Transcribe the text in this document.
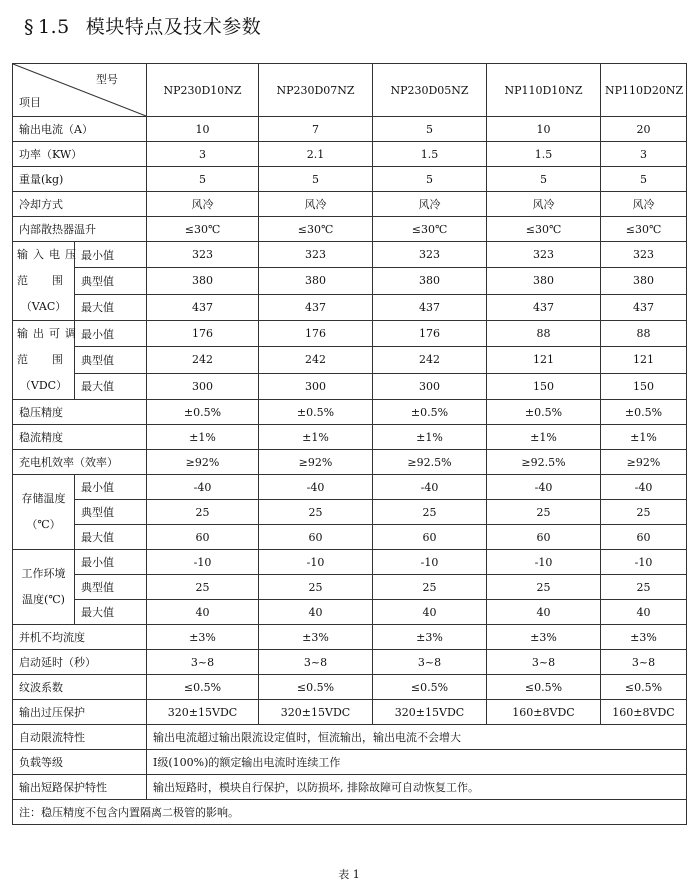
§ 1.5 模块特点及技术参数
型号
项目		NP230D10NZ	NP230D07NZ	NP230D05NZ	NP110D10NZ	NP110D20NZ
输出电流（A）		10	7	5	10	20
功率（KW）		3	2.1	1.5	1.5	3
重量(kg)		5	5	5	5	5
冷却方式		风冷	风冷	风冷	风冷	风冷
内部散热器温升		≤30℃	≤30℃	≤30℃	≤30℃	≤30℃

输入电压
范围
（VAC）	最小值	323	323	323	323	323
	典型值	380	380	380	380	380
	最大值	437	437	437	437	437

输出可调
范围
（VDC）	最小值	176	176	176	88	88
	典型值	242	242	242	121	121
	最大值	300	300	300	150	150
稳压精度		±0.5%	±0.5%	±0.5%	±0.5%	±0.5%
稳流精度		±1%	±1%	±1%	±1%	±1%
充电机效率（效率）		≥92%	≥92%	≥92.5%	≥92.5%	≥92%

存储温度
（℃）	最小值	-40	-40	-40	-40	-40
	典型值	25	25	25	25	25
	最大值	60	60	60	60	60

工作环境
温度(℃)	最小值	-10	-10	-10	-10	-10
	典型值	25	25	25	25	25
	最大值	40	40	40	40	40
并机不均流度		±3%	±3%	±3%	±3%	±3%
启动延时（秒）		3~8	3~8	3~8	3~8	3~8
纹波系数		≤0.5%	≤0.5%	≤0.5%	≤0.5%	≤0.5%
输出过压保护		320±15VDC	320±15VDC	320±15VDC	160±8VDC	160±8VDC
自动限流特性		输出电流超过输出限流设定值时，恒流输出，输出电流不会增大				
负载等级		Ⅰ级(100%)的额定输出电流时连续工作				
输出短路保护特性		输出短路时，模块自行保护，以防损坏, 排除故障可自动恢复工作。				
注：稳压精度不包含内置隔离二极管的影响。						
表 1
